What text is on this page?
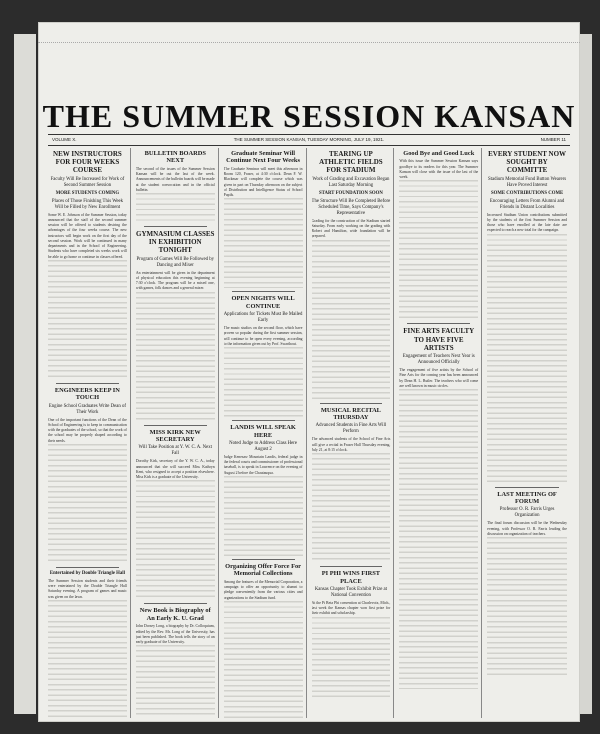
THE SUMMER SESSION KANSAN
VOLUME X.	THE SUMMER SESSION KANSAN, TUESDAY MORNING, JULY 19, 1921.	NUMBER 11
NEW INSTRUCTORS FOR FOUR WEEKS COURSE
Faculty Will Be Increased for Work of Second Summer Session
MORE STUDENTS COMING
Places of Those Finishing This Week Will be Filled by New Enrollment
Some W. E. Johnson of the Summer Session, today announced that the staff of the second summer session will be offered to students desiring the advantages of the four weeks course. The new instructors will begin work on the first day of the second session. Work will be continued in many departments and in the School of Engineering. Students who have completed six weeks work will be able to go home or continue in classes offered.
ENGINEERS KEEP IN TOUCH
Engine School Graduates Write Dean of Their Work
One of the important functions of the Dean of the School of Engineering is to keep in communication with the graduates of the school, so that the work of the school may be properly shaped according to their needs.
Entertained by Double Triangle Hall
The Summer Session students and their friends were entertained by the Double Triangle Hall Saturday evening. A program of games and music was given on the lawn.
BULLETIN BOARDS NEXT
The second of the issues of the Summer Session Kansan will be out the last of the week. Announcements of the bulletin boards will be made at the student convocation and in the official bulletin.
GYMNASIUM CLASSES IN EXHIBITION TONIGHT
Program of Games Will Be Followed by Dancing and Mixer
An entertainment will be given in the department of physical education this evening beginning at 7:30 o'clock. The program will be a mixed one, with games, folk dances and a general mixer.
MISS KIRK NEW SECRETARY
Will Take Position at Y. W. C. A. Next Fall
Dorothy Kirk, secretary of the Y. W. C. A., today announced that she will succeed Miss Kathryn Kent, who resigned to accept a position elsewhere. Miss Kirk is a graduate of the University.
New Book is Biography of An Early K. U. Grad
John Dorsey Long, a biography by Dr. Colloquium, edited by the Rev. Mr. Long of the University, has just been published. The book tells the story of an early graduate of the University.
Graduate Seminar Will Continue Next Four Weeks
The Graduate Seminar will meet this afternoon in Room 120, Fraser, at 4:30 o'clock. Dean F. W. Blackmar will complete the course which was given in part on Thursday afternoon on the subject of Distribution and Intelligence Status of School Pupils.
OPEN NIGHTS WILL CONTINUE
Applications for Tickets Must Be Mailed Early
The music studios on the second floor, which have proven so popular during the first summer session, will continue to be open every evening, according to the information given out by Prof. Swarthout.
LANDIS WILL SPEAK HERE
Noted Judge to Address Class Here August 2
Judge Kenesaw Mountain Landis, federal judge in the federal courts and commissioner of professional baseball, is to speak in Lawrence on the evening of August 2 before the Chautauqua.
Organizing Offer Force For Memorial Collections
Among the features of the Memorial Corporation, a campaign to offer an opportunity to alumni to pledge conveniently from the various cities and organizations to the Stadium fund.
TEARING UP ATHLETIC FIELDS FOR STADIUM
Work of Grading and Excavation Began Last Saturday Morning
START FOUNDATION SOON
The Structure Will Be Completed Before Scheduled Time, Says Company's Representative
Grading for the construction of the Stadium started Saturday. From early working on the grading with Robert and Hamilton, wide foundation will be prepared.
MUSICAL RECITAL THURSDAY
Advanced Students in Fine Arts Will Perform
The advanced students of the School of Fine Arts will give a recital in Fraser Hall Thursday evening, July 21, at 8:15 o'clock.
PI PHI WINS FIRST PLACE
Kansas Chapter Took Exhibit Prize at National Convention
At the Pi Beta Phi convention at Charlevoix, Mich., last week the Kansas chapter won first prize for their exhibit and scholarship.
Good Bye and Good Luck
With this issue the Summer Session Kansan says goodbye to its readers for this year. The Summer Kansan will close with the issue of the last of the week.
FINE ARTS FACULTY TO HAVE FIVE ARTISTS
Engagement of Teachers Next Year is Announced Officially
The engagement of five artists by the School of Fine Arts for the coming year has been announced by Dean H. L. Butler. The teachers who will come are well known in music circles.
EVERY STUDENT NOW SOUGHT BY COMMITTE
Stadium Memorial Fund Button Wearers Have Proved Interest
SOME CONTRIBUTIONS COME
Encouraging Letters From Alumni and Friends in Distant Localities
Increased Stadium Union contributions submitted by the students of the first Summer Session and those who have enrolled at the late date are expected to reach a new total for the campaign.
LAST MEETING OF FORUM
Professor O. R. Farris Urges Organization
The final forum discussion will be the Wednesday evening, with Professor O. R. Farris leading the discussion on organization of teachers.
